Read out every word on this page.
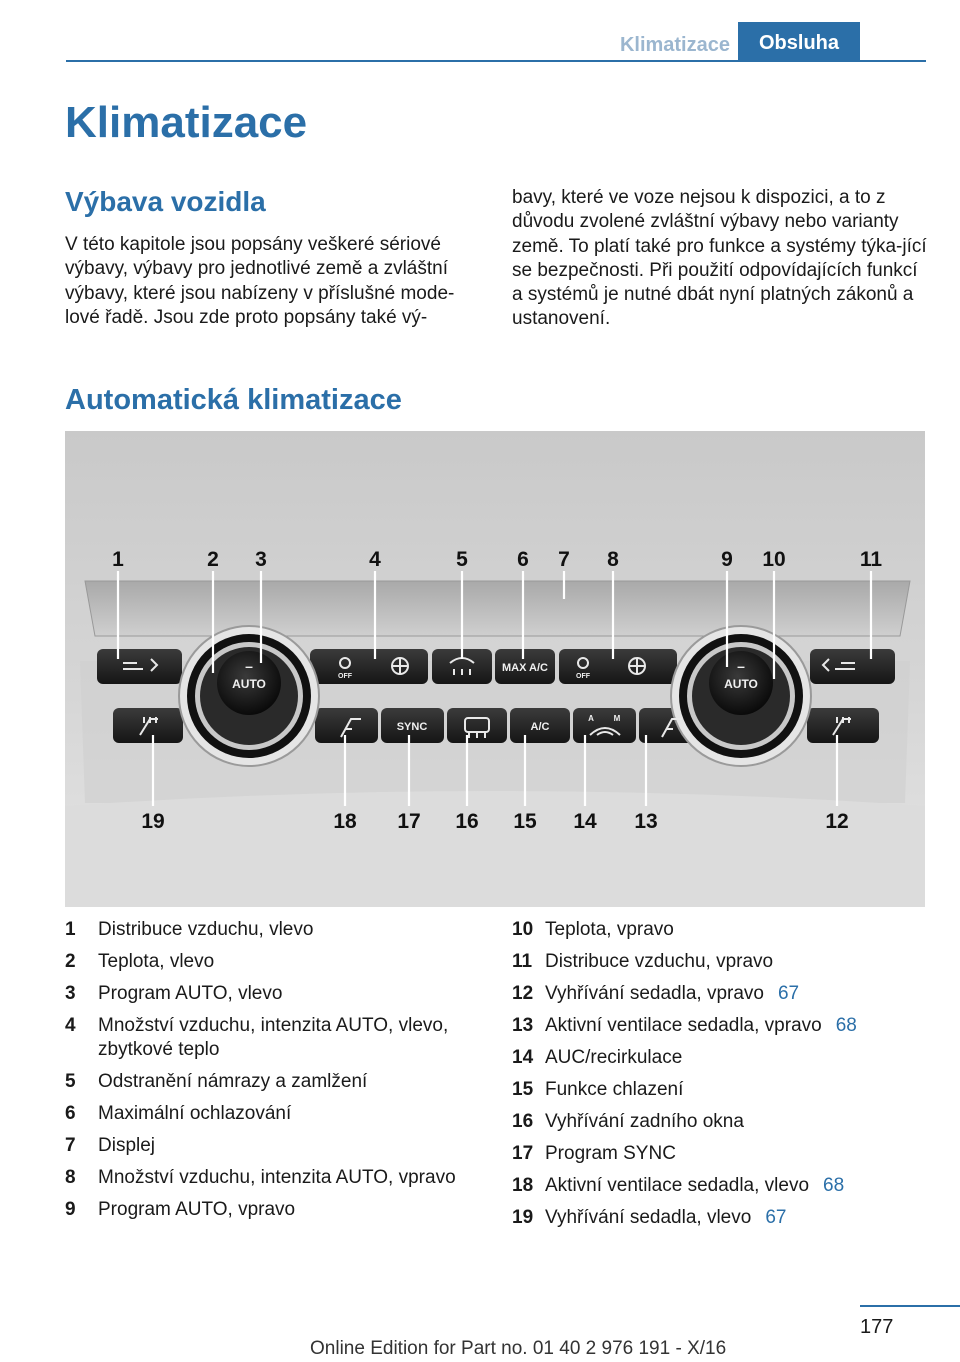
Klimatizace	Obsluha
Klimatizace
Výbava vozidla
V této kapitole jsou popsány veškeré sériové výbavy, výbavy pro jednotlivé země a zvláštní výbavy, které jsou nabízeny v příslušné mode‐lové řadě. Jsou zde proto popsány také vý‐
bavy, které ve voze nejsou k dispozici, a to z důvodu zvolené zvláštní výbavy nebo varianty země. To platí také pro funkce a systémy týka‐jící se bezpečnosti. Při použití odpovídajících funkcí a systémů je nutné dbát nyní platných zákonů a ustanovení.
Automatická klimatizace
AUTO
–
AUTO
–
MAX A/C
OFF	OFF
SYNC	A/C
A M
1	2 3	4	5 6 7 8	9 10	11
12
13
14
15
16
17
18
19
1	Distribuce vzduchu, vlevo
2	Teplota, vlevo
3	Program AUTO, vlevo
4	Množství vzduchu, intenzita AUTO, vlevo, zbytkové teplo
5	Odstranění námrazy a zamlžení
6	Maximální ochlazování
7	Displej
8	Množství vzduchu, intenzita AUTO, vpravo
9	Program AUTO, vpravo
10 Teplota, vpravo
11 Distribuce vzduchu, vpravo
12 Vyhřívání sedadla, vpravo 67
13 Aktivní ventilace sedadla, vpravo 68
14 AUC/recirkulace
15 Funkce chlazení
16 Vyhřívání zadního okna
17 Program SYNC
18 Aktivní ventilace sedadla, vlevo 68
19 Vyhřívání sedadla, vlevo 67
177
Online Edition for Part no. 01 40 2 976 191 - X/16
